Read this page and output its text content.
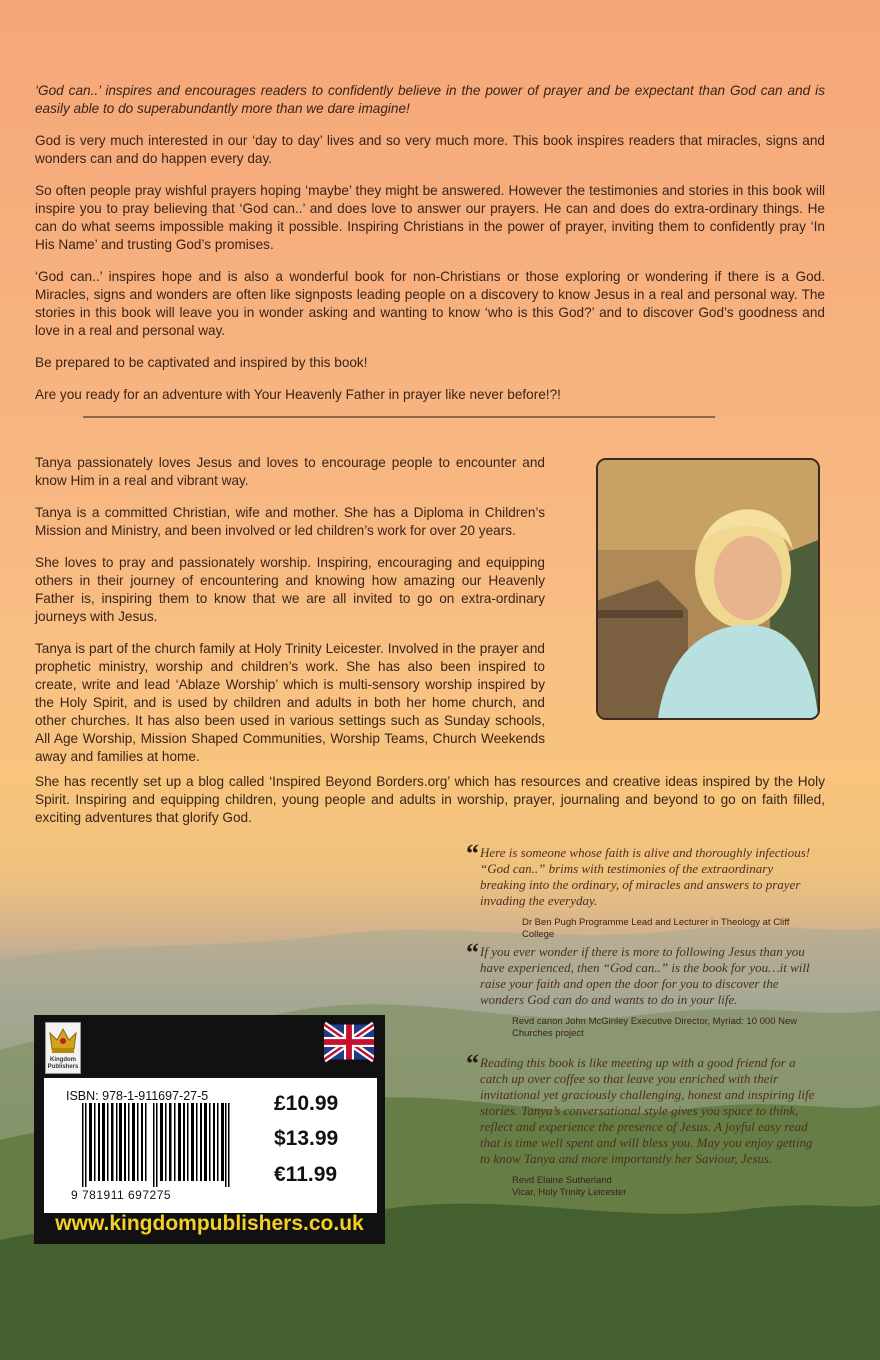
‘God can..’ inspires and encourages readers to confidently believe in the power of prayer and be expectant than God can and is easily able to do superabundantly more than we dare imagine!

God is very much interested in our ‘day to day’ lives and so very much more. This book inspires readers that miracles, signs and wonders can and do happen every day.

So often people pray wishful prayers hoping ‘maybe’ they might be answered. However the testimonies and stories in this book will inspire you to pray believing that ‘God can..’ and does love to answer our prayers. He can and does do extra-ordinary things. He can do what seems impossible making it possible. Inspiring Christians in the power of prayer, inviting them to confidently pray ‘In His Name’ and trusting God’s promises.

‘God can..’ inspires hope and is also a wonderful book for non-Christians or those exploring or wondering if there is a God. Miracles, signs and wonders are often like signposts leading people on a discovery to know Jesus in a real and personal way. The stories in this book will leave you in wonder asking and wanting to know ‘who is this God?’ and to discover God’s goodness and love in a real and personal way.

Be prepared to be captivated and inspired by this book!

Are you ready for an adventure with Your Heavenly Father in prayer like never before!?!

Tanya passionately loves Jesus and loves to encourage people to encounter and know Him in a real and vibrant way.

Tanya is a committed Christian, wife and mother. She has a Diploma in Children’s Mission and Ministry, and been involved or led children’s work for over 20 years.

She loves to pray and passionately worship. Inspiring, encouraging and equipping others in their journey of encountering and knowing how amazing our Heavenly Father is, inspiring them to know that we are all invited to go on extra-ordinary journeys with Jesus.

Tanya is part of the church family at Holy Trinity Leicester. Involved in the prayer and prophetic ministry, worship and children’s work. She has also been inspired to create, write and lead ‘Ablaze Worship’ which is multi-sensory worship inspired by the Holy Spirit, and is used by children and adults in both her home church, and other churches. It has also been used in various settings such as Sunday schools, All Age Worship, Mission Shaped Communities, Worship Teams, Church Weekends away and families at home.

She has recently set up a blog called ‘Inspired Beyond Borders.org’ which has resources and creative ideas inspired by the Holy Spirit. Inspiring and equipping children, young people and adults in worship, prayer, journaling and beyond to go on faith filled, exciting adventures that glorify God.

“ Here is someone whose faith is alive and thoroughly infectious! “God can..” brims with testimonies of the extraordinary breaking into the ordinary, of miracles and answers to prayer invading the everyday.

Dr Ben Pugh Programme Lead and Lecturer in Theology at Cliff College
“ If you ever wonder if there is more to following Jesus than you have experienced, then “God can..” is the book for you…it will raise your faith and open the door for you to discover the wonders God can do and wants to do in your life.

Revd canon John McGinley Executive Director, Myriad: 10 000 New Churches project
“ Reading this book is like meeting up with a good friend for a catch up over coffee so that leave you enriched with their invitational yet graciously challenging, honest and inspiring life stories. Tanya’s conversational style gives you space to think, reflect and experience the presence of Jesus. A joyful easy read that is time well spent and will bless you. May you enjoy getting to know Tanya and more importantly her Saviour, Jesus.

Revd Elaine Sutherland
Vicar, Holy Trinity Leicester
Kingdom Publishers
ISBN: 978-1-911697-27-5
9 781911 697275
£10.99
$13.99
€11.99
www.kingdompublishers.co.uk
